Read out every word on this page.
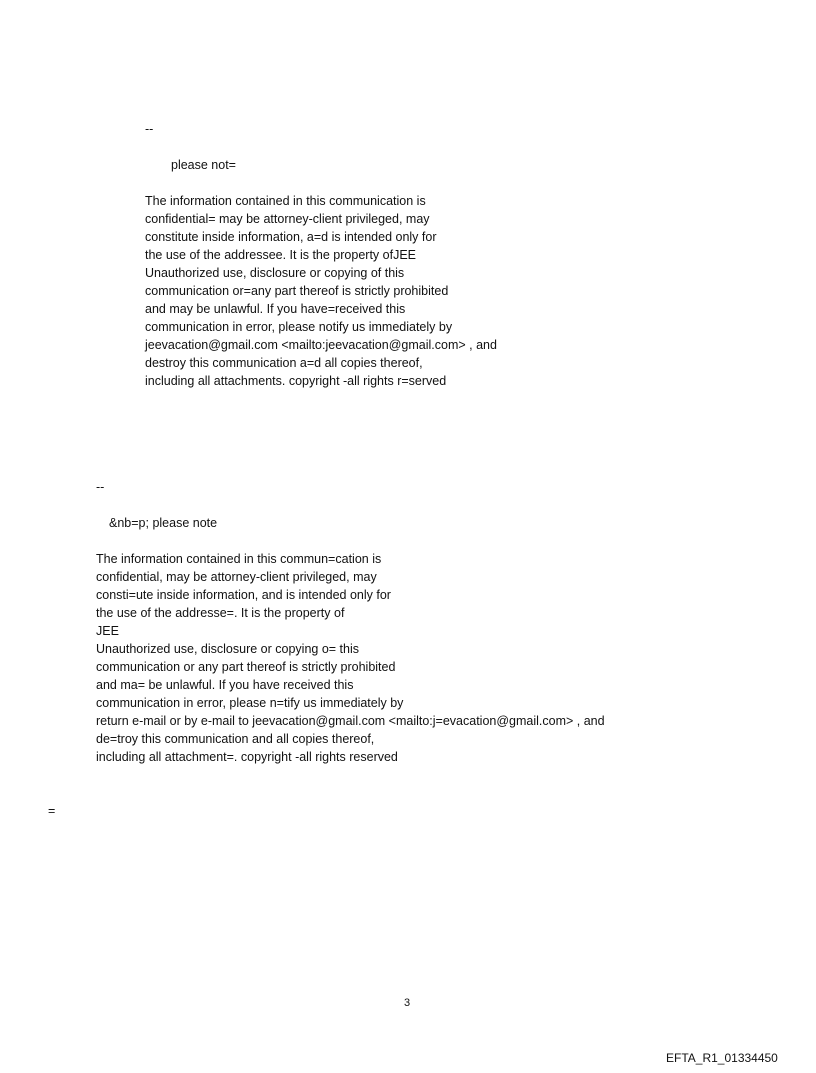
--
please not=
The information contained in this communication is
confidential= may be attorney-client privileged, may
constitute inside information, a=d is intended only for
the use of the addressee. It is the property ofJEE
Unauthorized use, disclosure or copying of this
communication or=any part thereof is strictly prohibited
and may be unlawful. If you have=received this
communication in error, please notify us immediately by
jeevacation@gmail.com <mailto:jeevacation@gmail.com> , and
destroy this communication a=d all copies thereof,
including all attachments. copyright -all rights r=served
--
&nb=p; please note
The information contained in this commun=cation is
confidential, may be attorney-client privileged, may
consti=ute inside information, and is intended only for
the use of the addresse=. It is the property of
JEE
Unauthorized use, disclosure or copying o= this
communication or any part thereof is strictly prohibited
and ma= be unlawful. If you have received this
communication in error, please n=tify us immediately by
return e-mail or by e-mail to jeevacation@gmail.com <mailto:j=evacation@gmail.com> , and
de=troy this communication and all copies thereof,
including all attachment=. copyright -all rights reserved
=
3
EFTA_R1_01334450
